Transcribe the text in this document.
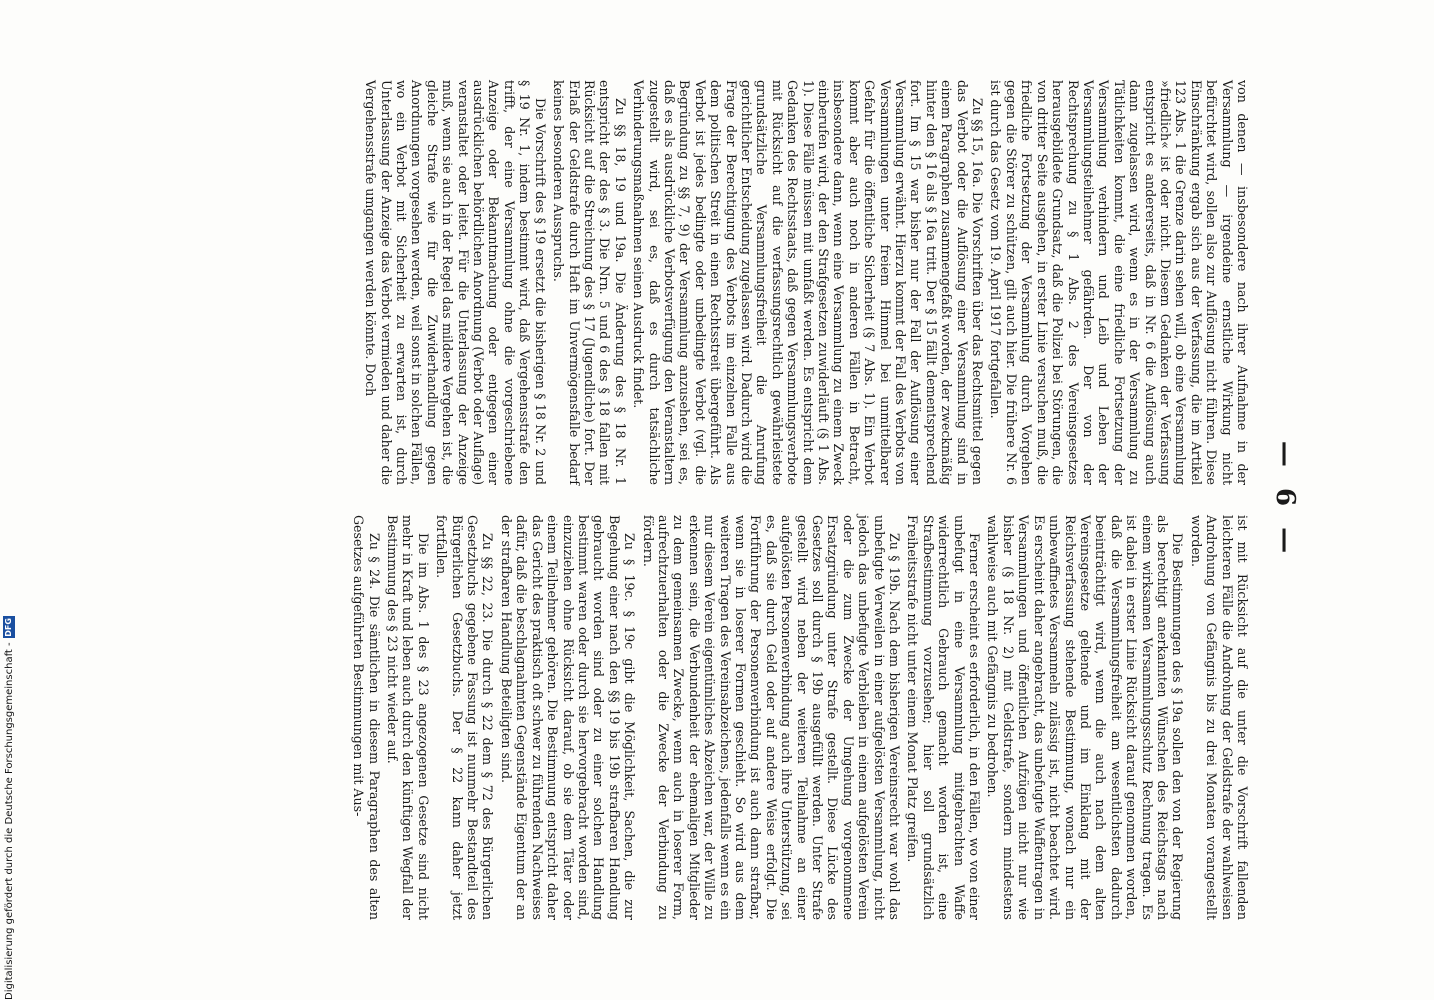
— 6 —

von denen — insbesondere nach ihrer Aufnahme in der Versammlung — irgendeine ernstliche Wirkung nicht befürchtet wird, sollen also zur Auflösung nicht führen. Diese Einschränkung ergab sich aus der Verfassung, die im Artikel 123 Abs. 1 die Grenze darin sehen will, ob eine Versammlung »friedlich« ist oder nicht. Diesem Gedanken der Verfassung entspricht es andererseits, daß in Nr. 6 die Auflösung auch dann zugelassen wird, wenn es in der Versammlung zu Tätlichkeiten kommt, die eine friedliche Fortsetzung der Versammlung verhindern und Leib und Leben der Versammlungsteilnehmer gefährden. Der von der Rechtsprechung zu § 1 Abs. 2 des Vereinsgesetzes herausgebildete Grundsatz, daß die Polizei bei Störungen, die von dritter Seite ausgehen, in erster Linie versuchen muß, die friedliche Fortsetzung der Versammlung durch Vorgehen gegen die Störer zu schützen, gilt auch hier. Die frühere Nr. 6 ist durch das Gesetz vom 19. April 1917 fortgefallen.

Zu §§ 15, 16a. Die Vorschriften über das Rechtsmittel gegen das Verbot oder die Auflösung einer Versammlung sind in einem Paragraphen zusammengefaßt worden, der zweckmäßig hinter den § 16 als § 16a tritt. Der § 15 fällt dementsprechend fort. Im § 15 war bisher nur der Fall der Auflösung einer Versammlung erwähnt. Hierzu kommt der Fall des Verbots von Versammlungen unter freiem Himmel bei unmittelbarer Gefahr für die öffentliche Sicherheit (§ 7 Abs. 1). Ein Verbot kommt aber auch noch in anderen Fällen in Betracht, insbesondere dann, wenn eine Versammlung zu einem Zweck einberufen wird, der den Strafgesetzen zuwiderläuft (§ 1 Abs. 1). Diese Fälle müssen mit umfaßt werden. Es entspricht dem Gedanken des Rechtsstaats, daß gegen Versammlungsverbote mit Rücksicht auf die verfassungsrechtlich gewährleistete grundsätzliche Versammlungsfreiheit die Anrufung gerichtlicher Entscheidung zugelassen wird. Dadurch wird die Frage der Berechtigung des Verbots im einzelnen Falle aus dem politischen Streit in einen Rechtsstreit übergeführt. Als Verbot ist jedes bedingte oder unbedingte Verbot (vgl. die Begründung zu §§ 7, 9) der Versammlung anzusehen, sei es, daß es als ausdrückliche Verbotsverfügung den Veranstaltern zugestellt wird, sei es, daß es durch tatsächliche Verhinderungsmaßnahmen seinen Ausdruck findet.

Zu §§ 18, 19 und 19a. Die Änderung des § 18 Nr. 1 entspricht der des § 3. Die Nrn. 5 und 6 des § 18 fallen mit Rücksicht auf die Streichung des § 17 (Jugendliche) fort. Der Erlaß der Geldstrafe durch Haft im Unvermögensfalle bedarf keines besonderen Ausspruchs.

Die Vorschrift des § 19 ersetzt die bisherigen § 18 Nr. 2 und § 19 Nr. 1, indem bestimmt wird, daß Vergehensstrafe den trifft, der eine Versammlung ohne die vorgeschriebene Anzeige oder Bekanntmachung oder entgegen einer ausdrücklichen behördlichen Anordnung (Verbot oder Auflage) veranstaltet oder leitet. Für die Unterlassung der Anzeige muß, wenn sie auch in der Regel das mildere Vergehen ist, die gleiche Strafe wie für die Zuwiderhandlung gegen Anordnungen vorgesehen werden, weil sonst in solchen Fällen, wo ein Verbot mit Sicherheit zu erwarten ist, durch Unterlassung der Anzeige das Verbot vermieden und daher die Vergehensstrafe umgangen werden könnte. Doch

ist mit Rücksicht auf die unter die Vorschrift fallenden leichteren Fälle die Androhung der Geldstrafe der wahlweisen Androhung von Gefängnis bis zu drei Monaten vorangestellt worden.

Die Bestimmungen des § 19a sollen den von der Regierung als berechtigt anerkannten Wünschen des Reichstags nach einem wirksamen Versammlungsschutz Rechnung tragen. Es ist dabei in erster Linie Rücksicht darauf genommen worden, daß die Versammlungsfreiheit am wesentlichsten dadurch beeinträchtigt wird, wenn die auch nach dem alten Vereinsgesetze geltende und im Einklang mit der Reichsverfassung stehende Bestimmung, wonach nur ein unbewaffnetes Versammeln zulässig ist, nicht beachtet wird. Es erscheint daher angebracht, das unbefugte Waffentragen in Versammlungen und öffentlichen Aufzügen nicht nur wie bisher (§ 18 Nr. 2) mit Geldstrafe, sondern mindestens wahlweise auch mit Gefängnis zu bedrohen.

Ferner erscheint es erforderlich, in den Fällen, wo von einer unbefugt in eine Versammlung mitgebrachten Waffe widerrechtlich Gebrauch gemacht worden ist, eine Strafbestimmung vorzusehen; hier soll grundsätzlich Freiheitsstrafe nicht unter einem Monat Platz greifen.

Zu § 19b. Nach dem bisherigen Vereinsrecht war wohl das unbefugte Verweilen in einer aufgelösten Versammlung, nicht jedoch das unbefugte Verbleiben in einem aufgelösten Verein oder die zum Zwecke der Umgehung vorgenommene Ersatzgründung unter Strafe gestellt. Diese Lücke des Gesetzes soll durch § 19b ausgefüllt werden. Unter Strafe gestellt wird neben der weiteren Teilnahme an einer aufgelösten Personenverbindung auch ihre Unterstützung, sei es, daß sie durch Geld oder auf andere Weise erfolgt. Die Fortführung der Personenverbindung ist auch dann strafbar, wenn sie in loserer Formen geschieht. So wird aus dem weiteren Tragen des Vereinsabzeichens, jedenfalls wenn es ein nur diesem Verein eigentümliches Abzeichen war, der Wille zu erkennen sein, die Verbundenheit der ehemaligen Mitglieder zu dem gemeinsamen Zwecke, wenn auch in loserer Form, aufrechtzuerhalten oder die Zwecke der Verbindung zu fördern.

Zu § 19c. § 19c gibt die Möglichkeit, Sachen, die zur Begehung einer nach den §§ 19 bis 19b strafbaren Handlung gebraucht worden sind oder zu einer solchen Handlung bestimmt waren oder durch sie hervorgebracht worden sind, einzuziehen ohne Rücksicht darauf, ob sie dem Täter oder einem Teilnehmer gehören. Die Bestimmung entspricht daher das Gericht des praktisch oft schwer zu führenden Nachweises dafür, daß die beschlagnahmten Gegenstände Eigentum der an der strafbaren Handlung Beteiligten sind.

Zu §§ 22, 23. Die durch § 22 dem § 72 des Bürgerlichen Gesetzbuchs gegebene Fassung ist nunmehr Bestandteil des Bürgerlichen Gesetzbuchs. Der § 22 kann daher jetzt fortfallen.

Die im Abs. 1 des § 23 angezogenen Gesetze sind nicht mehr in Kraft und leben auch durch den künftigen Wegfall der Bestimmung des § 23 nicht wieder auf.

Zu § 24. Die sämtlichen in diesem Paragraphen des alten Gesetzes aufgeführten Bestimmungen mit Aus-

Digitalisierung gefördert durch die Deutsche Forschungsgemeinschaft -
DFG
